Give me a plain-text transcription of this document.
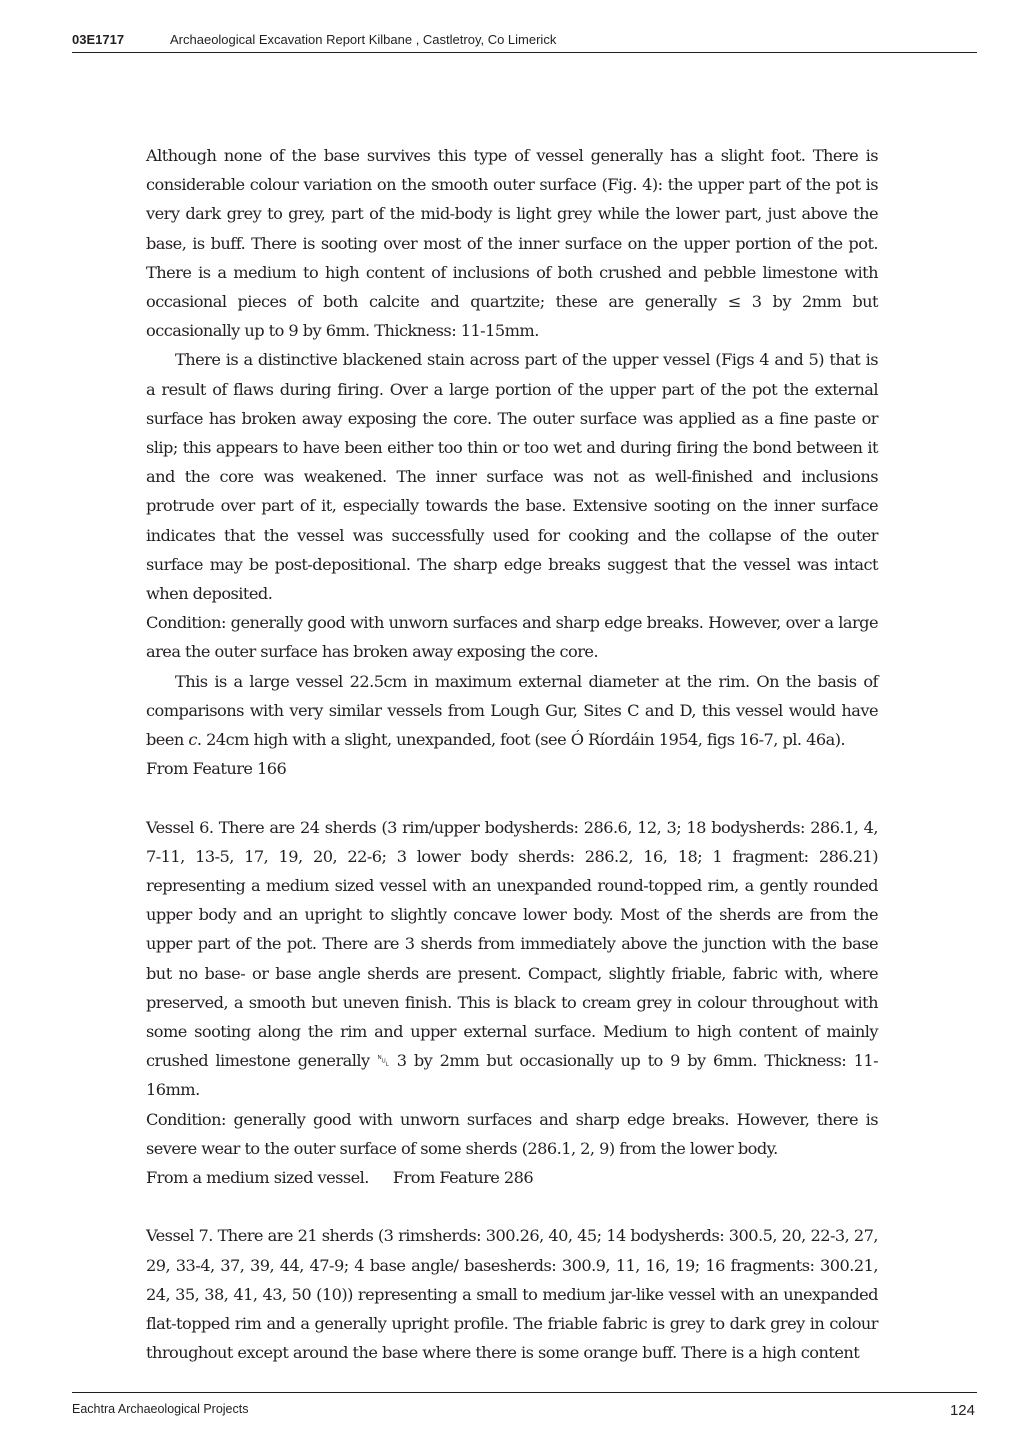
03E1717	Archaeological Excavation Report Kilbane , Castletroy, Co Limerick

Although none of the base survives this type of vessel generally has a slight foot. There is considerable colour variation on the smooth outer surface (Fig. 4): the upper part of the pot is very dark grey to grey, part of the mid-body is light grey while the lower part, just above the base, is buff. There is sooting over most of the inner surface on the upper portion of the pot. There is a medium to high content of inclusions of both crushed and pebble limestone with occasional pieces of both calcite and quartzite; these are generally ≤ 3 by 2mm but occasionally up to 9 by 6mm. Thickness: 11-15mm.

There is a distinctive blackened stain across part of the upper vessel (Figs 4 and 5) that is a result of flaws during firing. Over a large portion of the upper part of the pot the external surface has broken away exposing the core. The outer surface was applied as a fine paste or slip; this appears to have been either too thin or too wet and during firing the bond between it and the core was weakened. The inner surface was not as well-finished and inclusions protrude over part of it, especially towards the base. Extensive sooting on the inner surface indicates that the vessel was successfully used for cooking and the collapse of the outer surface may be post-depositional. The sharp edge breaks suggest that the vessel was intact when deposited.

Condition: generally good with unworn surfaces and sharp edge breaks. However, over a large area the outer surface has broken away exposing the core.

This is a large vessel 22.5cm in maximum external diameter at the rim. On the basis of comparisons with very similar vessels from Lough Gur, Sites C and D, this vessel would have been c. 24cm high with a slight, unexpanded, foot (see Ó Ríordáin 1954, figs 16-7, pl. 46a).

From Feature 166

Vessel 6. There are 24 sherds (3 rim/upper bodysherds: 286.6, 12, 3; 18 bodysherds: 286.1, 4, 7-11, 13-5, 17, 19, 20, 22-6; 3 lower body sherds: 286.2, 16, 18; 1 fragment: 286.21) representing a medium sized vessel with an unexpanded round-topped rim, a gently rounded upper body and an upright to slightly concave lower body. Most of the sherds are from the upper part of the pot. There are 3 sherds from immediately above the junction with the base but no base- or base angle sherds are present. Compact, slightly friable, fabric with, where preserved, a smooth but uneven finish. This is black to cream grey in colour throughout with some sooting along the rim and upper external surface. Medium to high content of mainly crushed limestone generally ␀ 3 by 2mm but occasionally up to 9 by 6mm. Thickness: 11-16mm.

Condition: generally good with unworn surfaces and sharp edge breaks. However, there is severe wear to the outer surface of some sherds (286.1, 2, 9) from the lower body.

From a medium sized vessel. From Feature 286

Vessel 7. There are 21 sherds (3 rimsherds: 300.26, 40, 45; 14 bodysherds: 300.5, 20, 22-3, 27, 29, 33-4, 37, 39, 44, 47-9; 4 base angle/ basesherds: 300.9, 11, 16, 19; 16 fragments: 300.21, 24, 35, 38, 41, 43, 50 (10)) representing a small to medium jar-like vessel with an unexpanded flat-topped rim and a generally upright profile. The friable fabric is grey to dark grey in colour throughout except around the base where there is some orange buff. There is a high content

Eachtra Archaeological Projects	124
